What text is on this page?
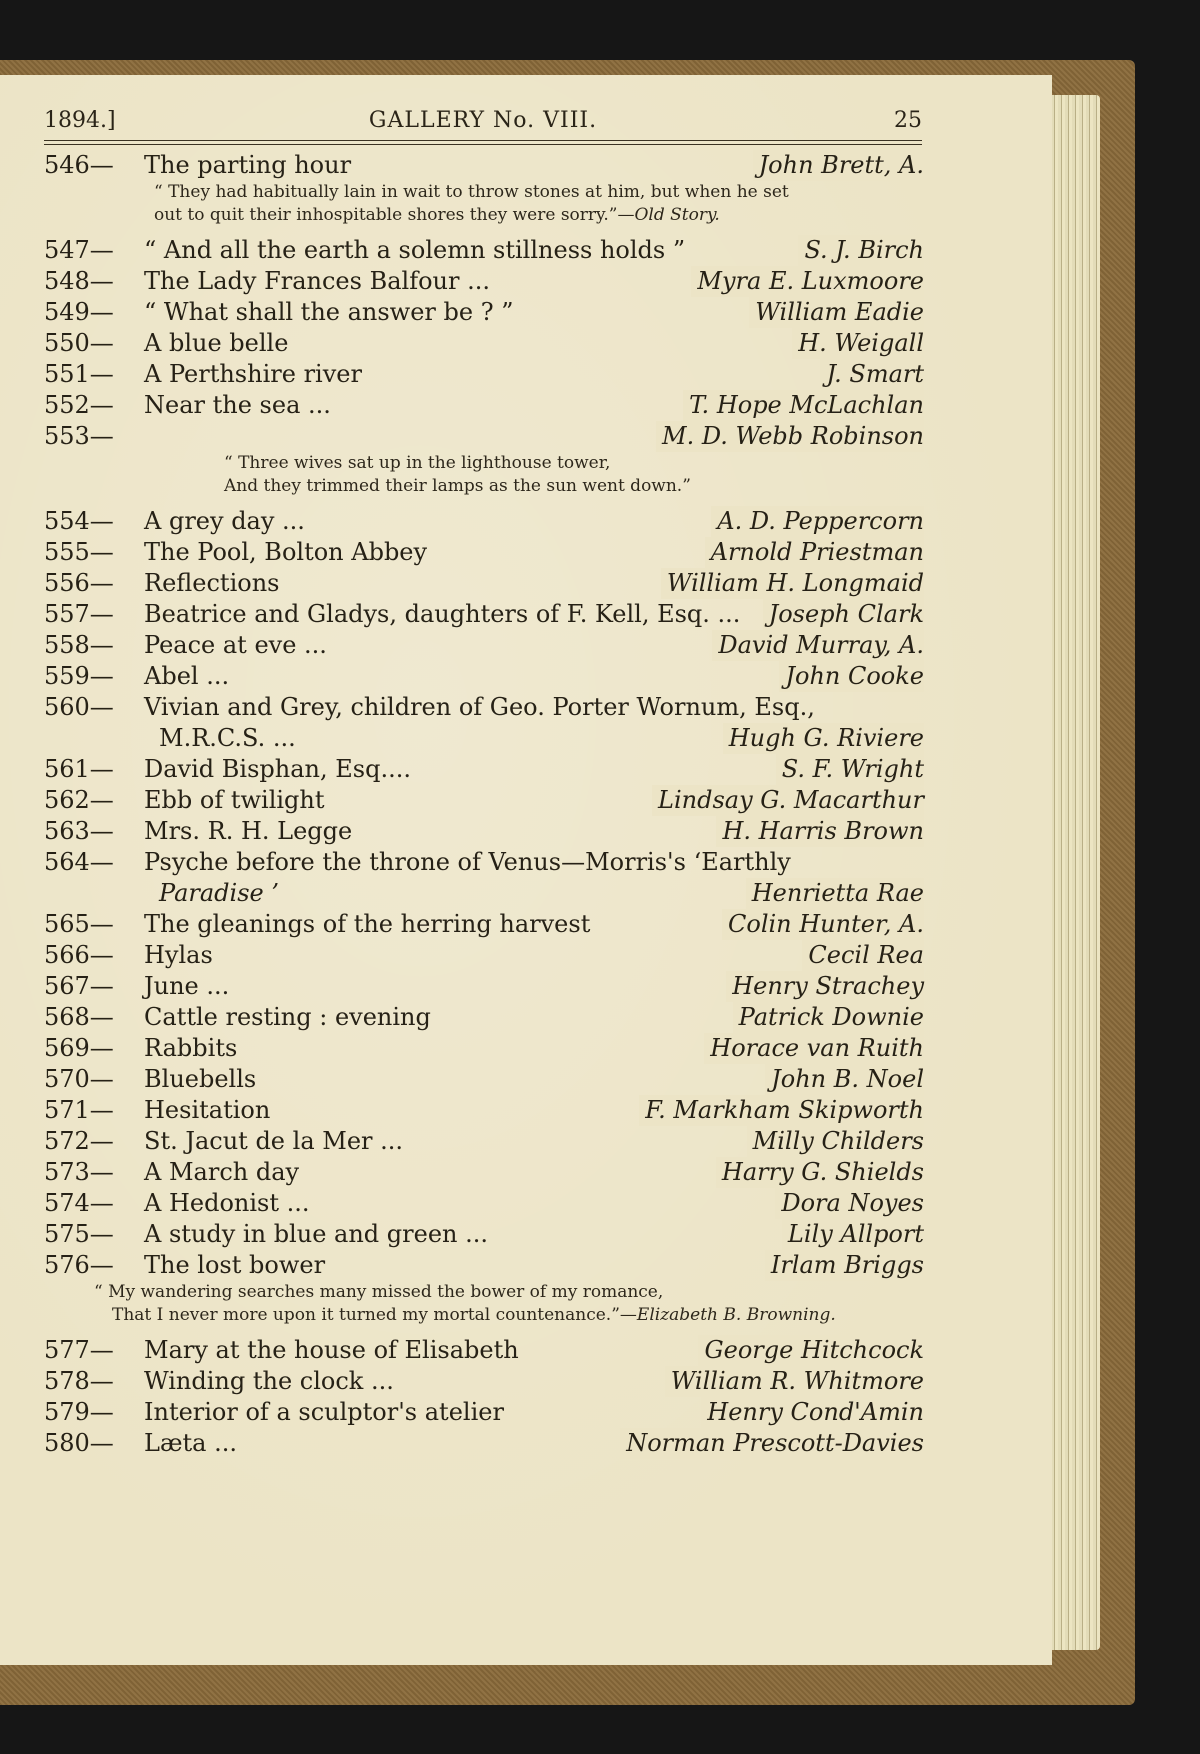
1894.]	GALLERY No. VIII.	25
546— The parting hour	John Brett, A.
“ They had habitually lain in wait to throw stones at him, but when he set
out to quit their inhospitable shores they were sorry.”—Old Story.
547— “ And all the earth a solemn stillness holds ”	S. J. Birch
548— The Lady Frances Balfour ...	Myra E. Luxmoore
549— “ What shall the answer be ? ”	William Eadie
550— A blue belle	H. Weigall
551— A Perthshire river	J. Smart
552— Near the sea ...	T. Hope McLachlan
553—	M. D. Webb Robinson
“ Three wives sat up in the lighthouse tower,
And they trimmed their lamps as the sun went down.”
554— A grey day ...	A. D. Peppercorn
555— The Pool, Bolton Abbey	Arnold Priestman
556— Reflections	William H. Longmaid
557— Beatrice and Gladys, daughters of F. Kell, Esq. ... Joseph Clark
558— Peace at eve ...	David Murray, A.
559— Abel ...	John Cooke
560— Vivian and Grey, children of Geo. Porter Wornum, Esq.,
M.R.C.S. ...	Hugh G. Riviere
561— David Bisphan, Esq....	S. F. Wright
562— Ebb of twilight	Lindsay G. Macarthur
563— Mrs. R. H. Legge	H. Harris Brown
564— Psyche before the throne of Venus—Morris's ‘Earthly
Paradise ’	Henrietta Rae
565— The gleanings of the herring harvest	Colin Hunter, A.
566— Hylas	Cecil Rea
567— June ...	Henry Strachey
568— Cattle resting : evening	Patrick Downie
569— Rabbits	Horace van Ruith
570— Bluebells	John B. Noel
571— Hesitation	F. Markham Skipworth
572— St. Jacut de la Mer ...	Milly Childers
573— A March day	Harry G. Shields
574— A Hedonist ...	Dora Noyes
575— A study in blue and green ...	Lily Allport
576— The lost bower	Irlam Briggs
“ My wandering searches many missed the bower of my romance,
That I never more upon it turned my mortal countenance.”—Elizabeth B. Browning.
577— Mary at the house of Elisabeth	George Hitchcock
578— Winding the clock ...	William R. Whitmore
579— Interior of a sculptor's atelier	Henry Cond'Amin
580— Læta ...	Norman Prescott-Davies
